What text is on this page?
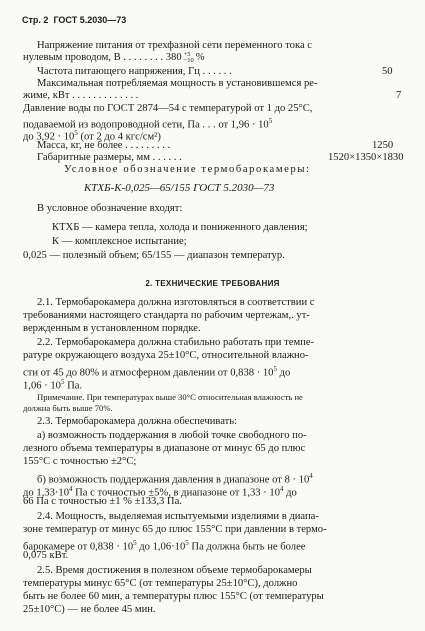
Стр. 2 ГОСТ 5.2030—73
Напряжение питания от трехфазной сети переменного тока с
нулевым проводом, В . . . . . . . . 380 +5
−10 %
Частота питающего напряжения, Гц . . . . . .	50
Максимальная потребляемая мощность в установившемся ре-
жиме, кВт . . . . . . . . . . . . .	7
Давление воды по ГОСТ 2874—54 с температурой от 1 до 25°С,
подаваемой из водопроводной сети, Па . . . от $1,96 \cdot 10^5$
до $3,92 \cdot 10^5$ (от 2 до 4 кгс/см²)
Масса, кг, не более . . . . . . . . .	1250
Габаритные размеры, мм . . . . . .	1520×1350×1830
Условное обозначение термобарокамеры:
КТХБ-К-0,025—65/155 ГОСТ 5.2030—73
В условное обозначение входят:
КТХБ — камера тепла, холода и пониженного давления;
К — комплексное испытание;
0,025 — полезный объем; 65/155 — диапазон температур.
2. ТЕХНИЧЕСКИЕ ТРЕБОВАНИЯ
2.1. Термобарокамера должна изготовляться в соответствии с
требованиями настоящего стандарта по рабочим чертежам,. ут-
вержденным в установленном порядке.
2.2. Термобарокамера должна стабильно работать при темпе-
ратуре окружающего воздуха 25±10°С, относительной влажно-
сти от 45 до 80% и атмосферном давлении от $0,838 \cdot 10^5$ до
$1,06 \cdot 10^5$ Па.
Примечание. При температурах выше 30°С относительная влажность не
должна быть выше 70%.
2.3. Термобарокамера должна обеспечивать:
а) возможность поддержания в любой точке свободного по-
лезного объема температуры в диапазоне от минус 65 до плюс
155°С с точностью ±2°С;
б) возможность поддержания давления в диапазоне от $8 \cdot 10^4$
до $1,33\cdot 10^4$ Па с точностью ±5%, в диапазоне от $1,33 \cdot 10^4$ до
66 Па с точностью ±1 % ±133,3 Па.
2.4. Мощность, выделяемая испытуемыми изделиями в диапа-
зоне температур от минус 65 до плюс 155°С при давлении в термо-
барокамере от $0,838 \cdot 10^5$ до $1,06\cdot 10^5$ Па должна быть не более
0,075 кВт.
2.5. Время достижения в полезном объеме термобарокамеры
температуры минус 65°С (от температуры 25±10°С), должно
быть не более 60 мин, а температуры плюс 155°С (от температуры
25±10°С) — не более 45 мин.
